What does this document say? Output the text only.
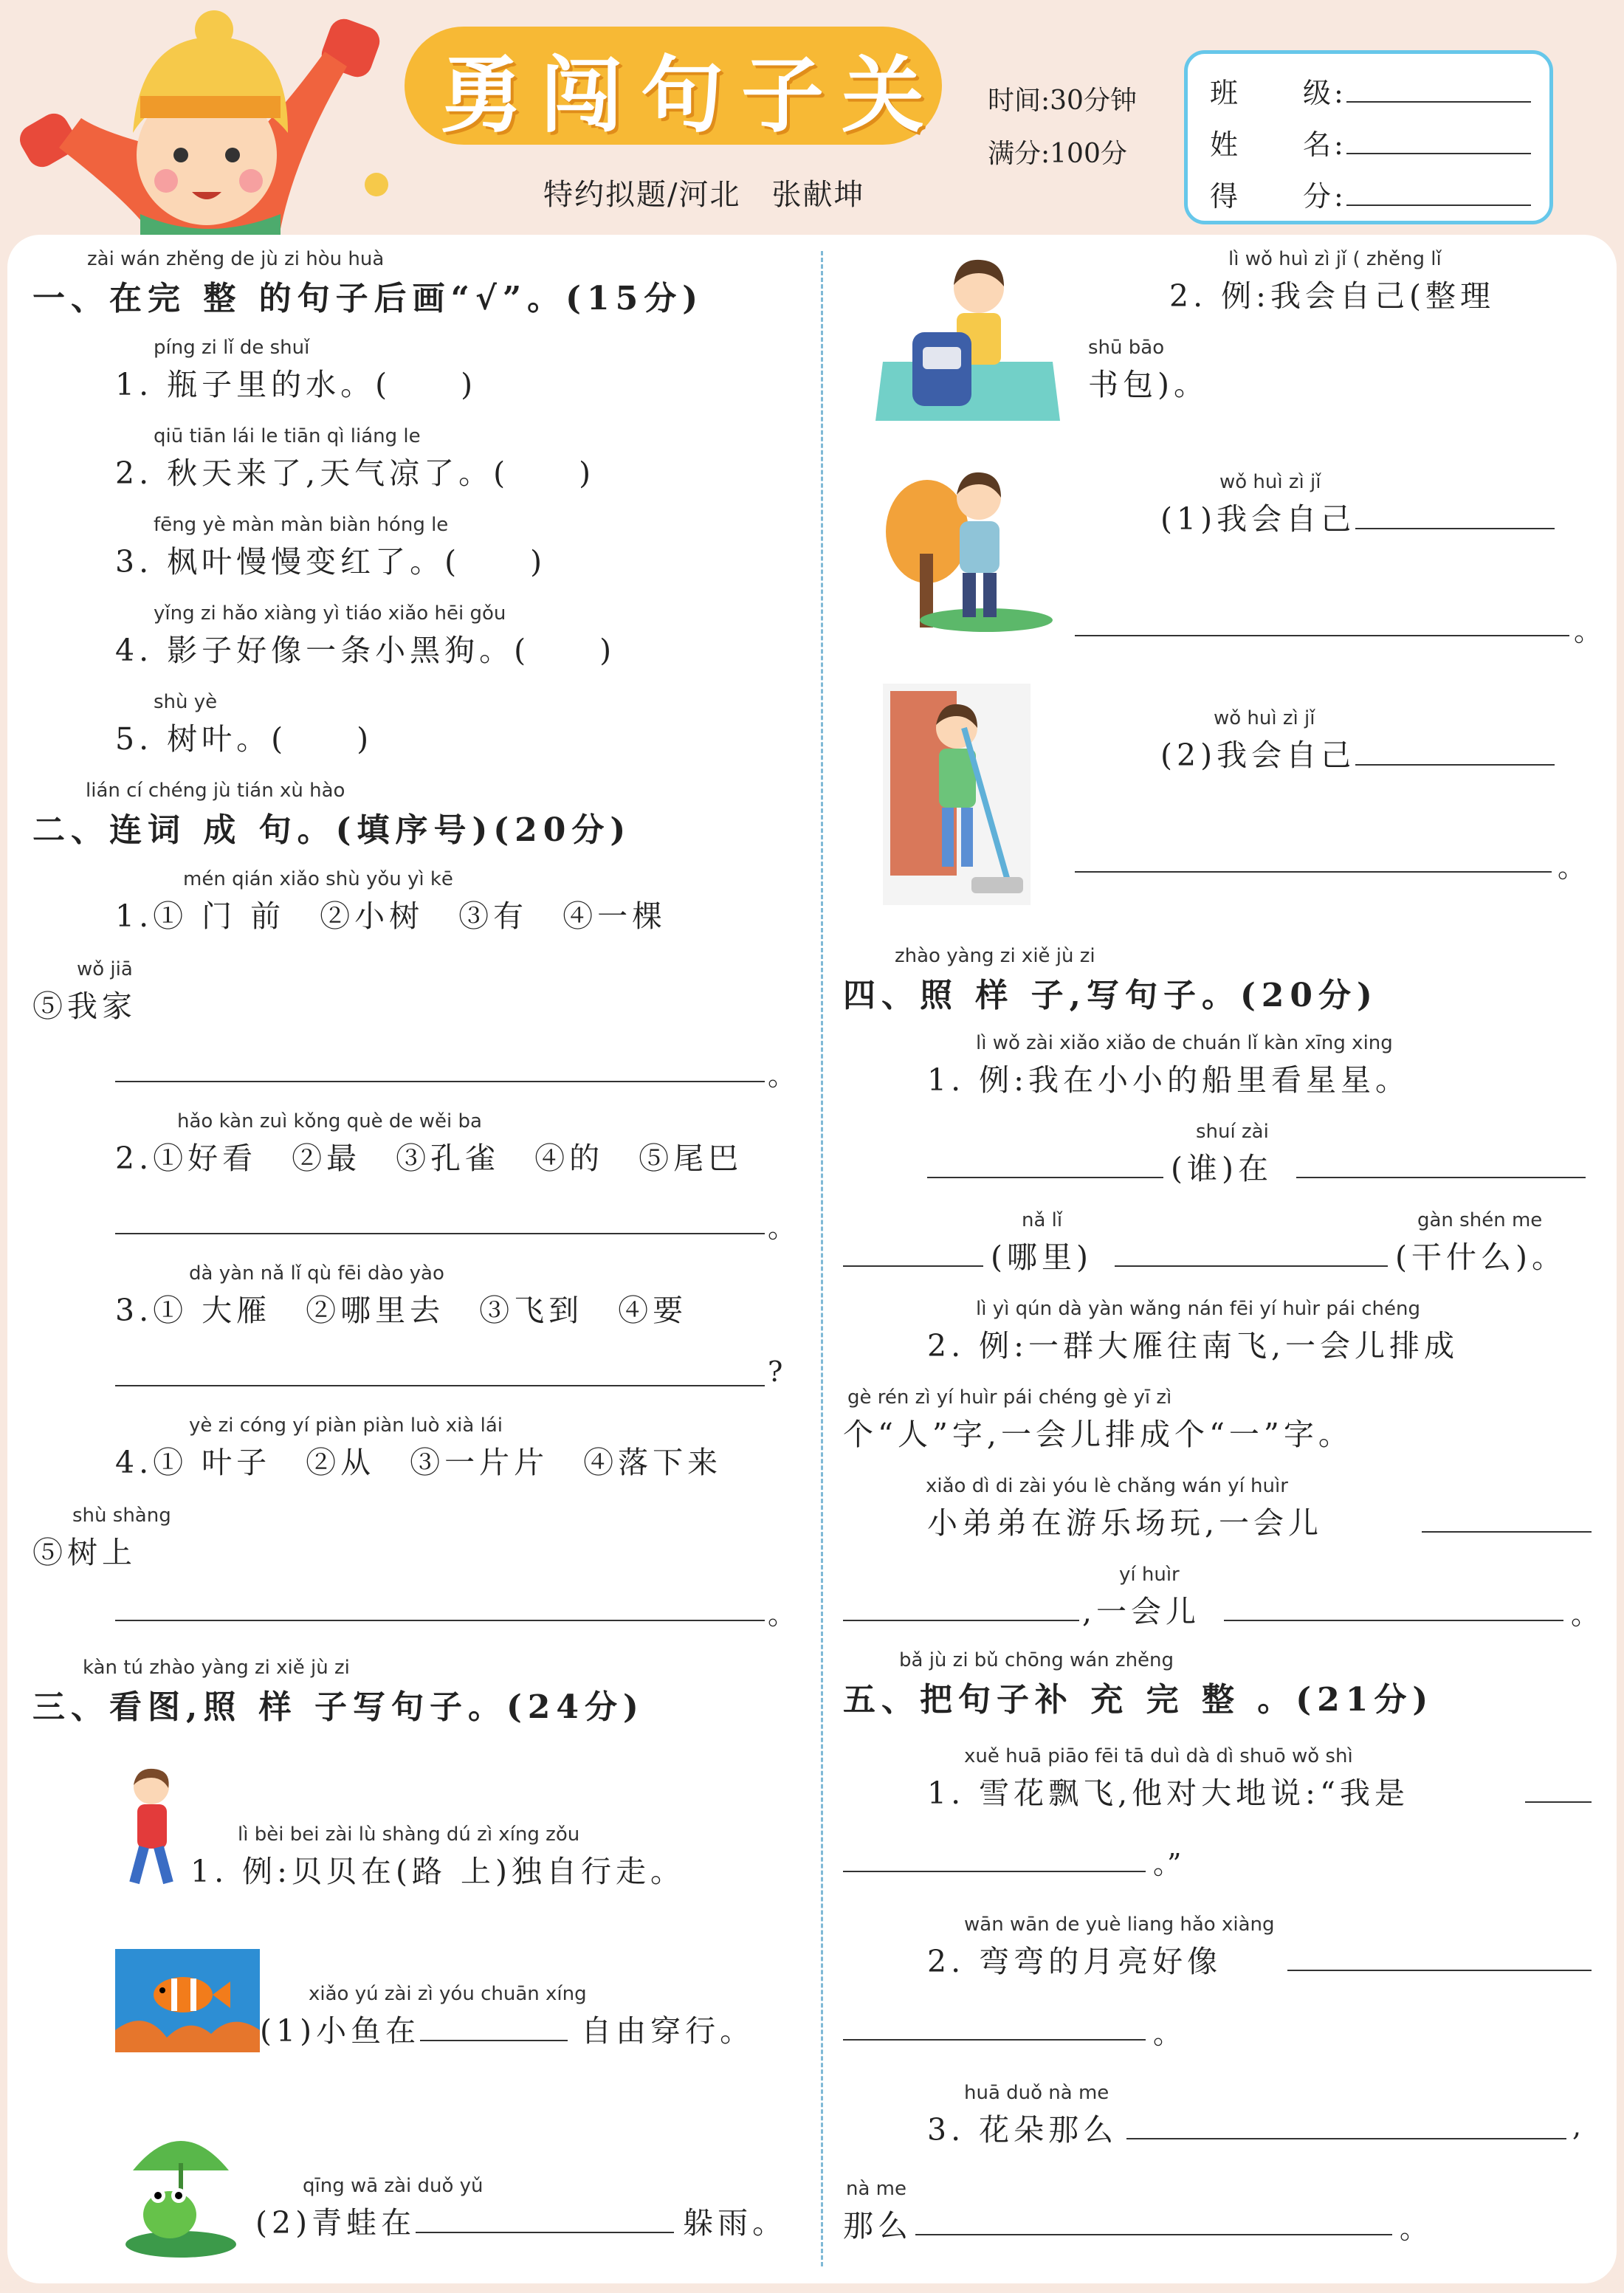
勇闯句子关 时间:30分钟
满分:100分
特约拟题/河北　张献坤
班　　级:
姓　　名:
得　　分:
zài wán zhěng de jù zi hòu huà
一、在完 整 的句子后画“√”。(15分)
píng zi lǐ de shuǐ
1. 瓶子里的水。(　　)
qiū tiān lái le tiān qì liáng le
2. 秋天来了,天气凉了。(　　)
fēng yè màn màn biàn hóng le
3. 枫叶慢慢变红了。(　　)
yǐng zi hǎo xiàng yì tiáo xiǎo hēi gǒu
4. 影子好像一条小黑狗。(　　)
shù yè
5. 树叶。(　　)
lián cí chéng jù tián xù hào
二、连词 成 句。(填序号)(20分)
mén qián xiǎo shù yǒu yì kē
1.① 门 前　②小树　③有　④一棵
wǒ jiā
⑤我家
。
hǎo kàn zuì kǒng què de wěi ba
2.①好看　②最　③孔雀　④的　⑤尾巴
。
dà yàn nǎ lǐ qù fēi dào yào
3.① 大雁　②哪里去　③飞到　④要
?
yè zi cóng yí piàn piàn luò xià lái
4.① 叶子　②从　③一片片　④落下来
shù shàng
⑤树上
。
kàn tú zhào yàng zi xiě jù zi
三、看图,照 样 子写句子。(24分)
lì bèi bei zài lù shàng dú zì xíng zǒu
1. 例:贝贝在(路 上)独自行走。
xiǎo yú zài zì yóu chuān xíng
(1)小鱼在	自由穿行。
qīng wā zài duǒ yǔ
(2)青蛙在	躲雨。
lì wǒ huì zì jǐ ( zhěng lǐ
2. 例:我会自己(整理
shū bāo
书包)。
wǒ huì zì jǐ
(1)我会自己
。
wǒ huì zì jǐ
(2)我会自己
。
zhào yàng zi xiě jù zi
四、照 样 子,写句子。(20分)
lì wǒ zài xiǎo xiǎo de chuán lǐ kàn xīng xing
1. 例:我在小小的船里看星星。
shuí zài
(谁)在
nǎ lǐ	gàn shén me
(哪里)	(干什么)。
lì yì qún dà yàn wǎng nán fēi yí huìr pái chéng
2. 例:一群大雁往南飞,一会儿排成
gè rén zì yí huìr pái chéng gè yī zì
个“人”字,一会儿排成个“一”字。
xiǎo dì di zài yóu lè chǎng wán yí huìr
小弟弟在游乐场玩,一会儿
yí huìr
,一会儿	。
bǎ jù zi bǔ chōng wán zhěng
五、把句子补 充 完 整 。(21分)
xuě huā piāo fēi tā duì dà dì shuō wǒ shì
1. 雪花飘飞,他对大地说:“我是
。”
wān wān de yuè liang hǎo xiàng
2. 弯弯的月亮好像
。
huā duǒ nà me
3. 花朵那么	,
nà me
那么	。
